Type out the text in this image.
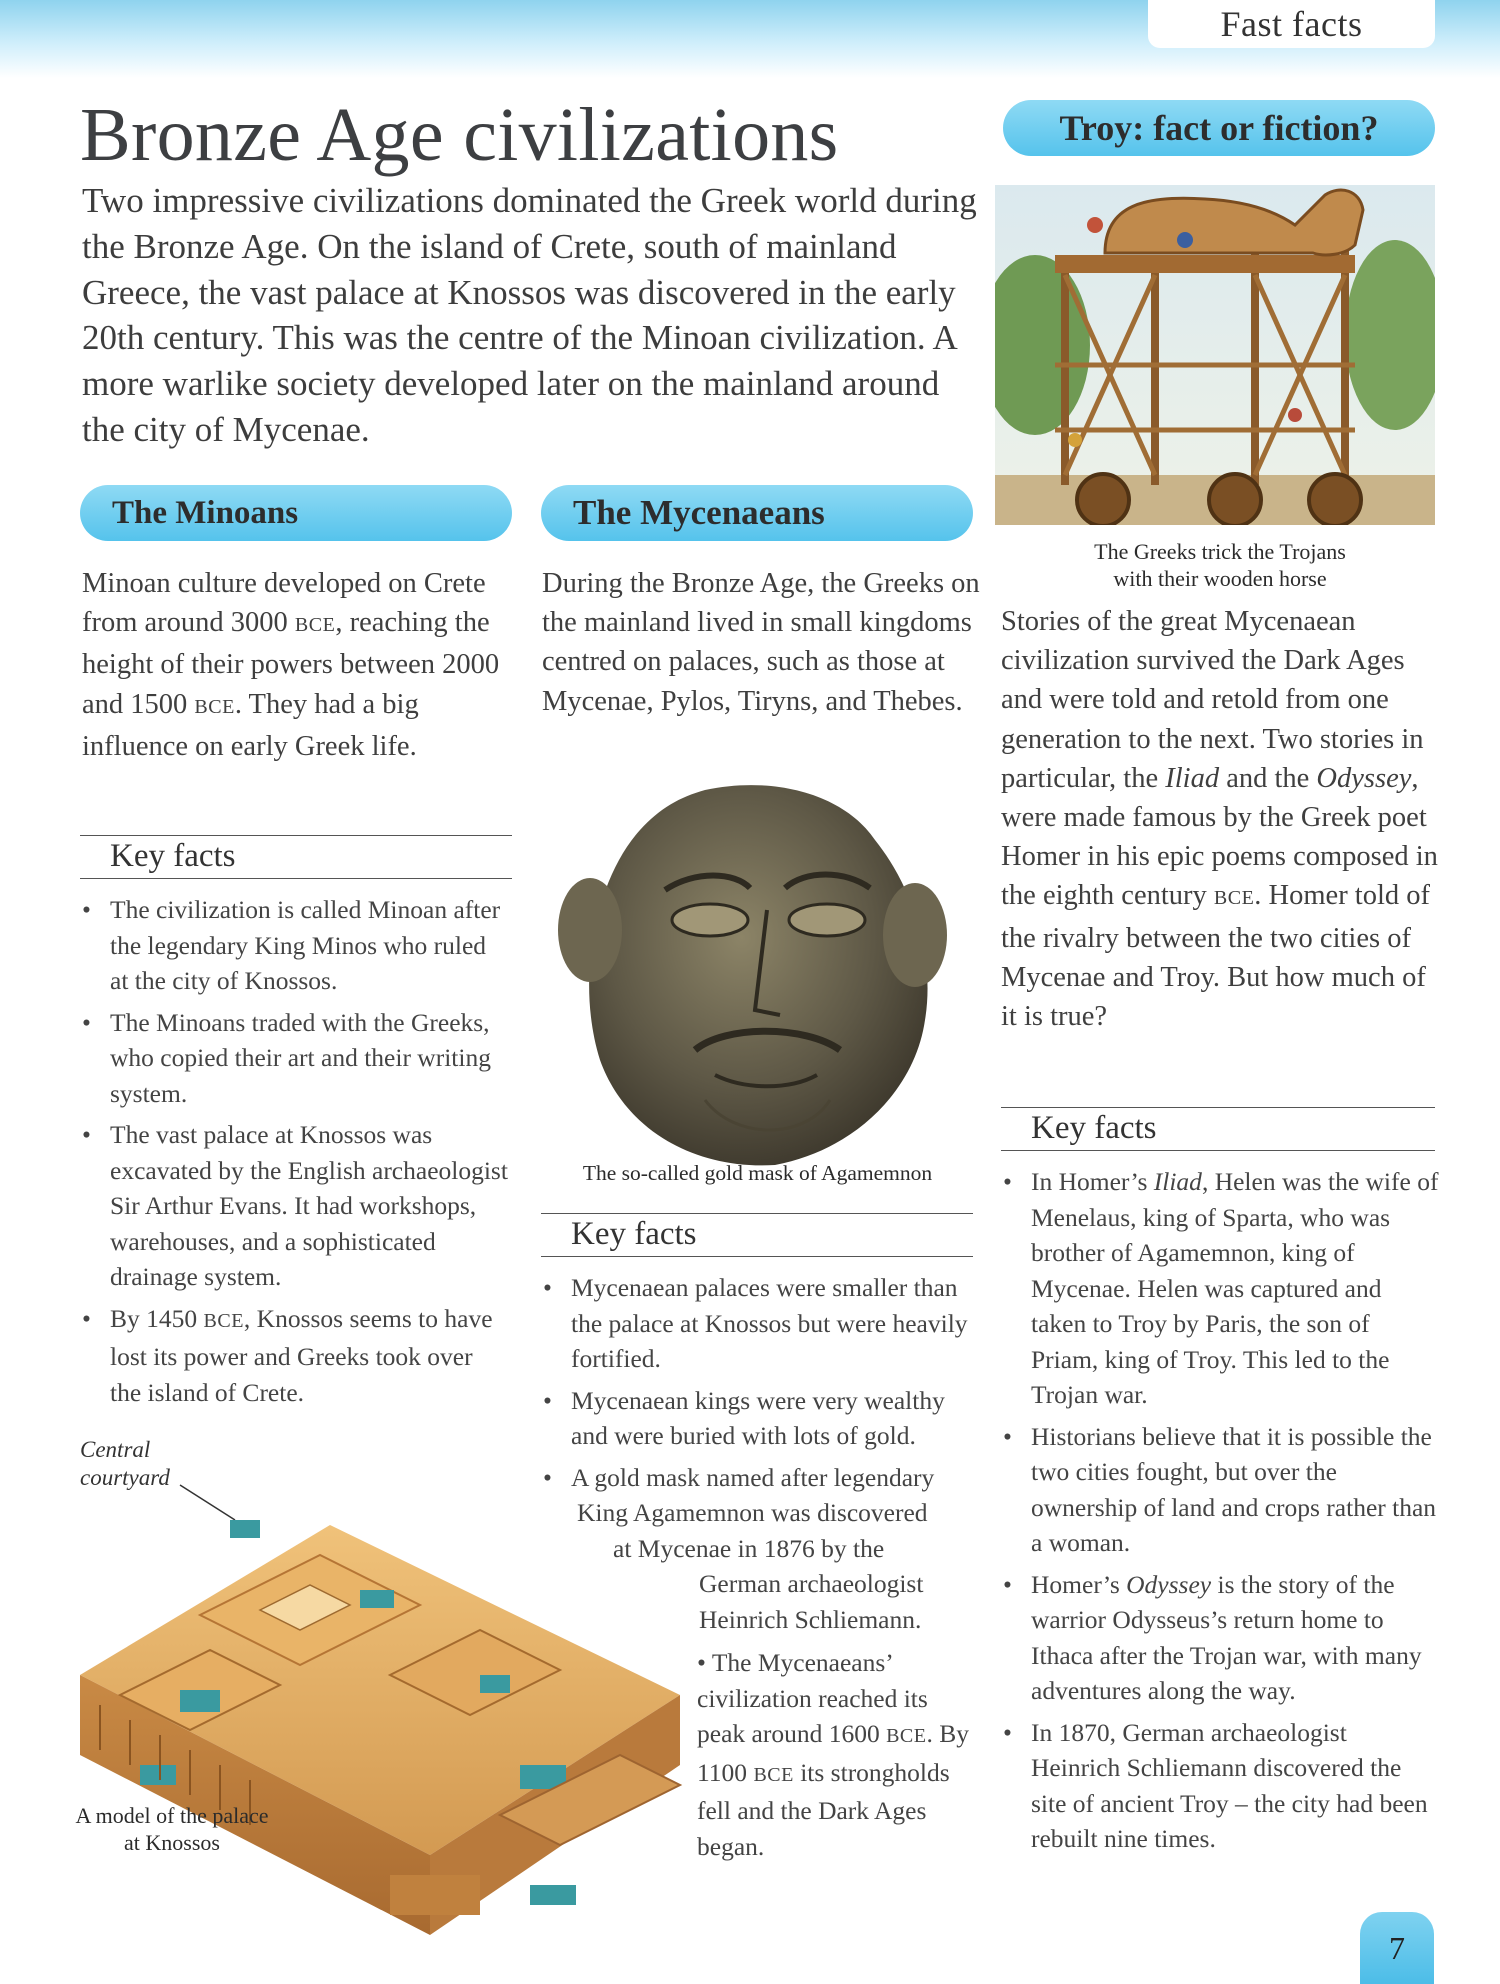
Fast facts
Bronze Age civilizations

Two impressive civilizations dominated the Greek world during the Bronze Age. On the island of Crete, south of mainland Greece, the vast palace at Knossos was discovered in the early 20th century. This was the centre of the Minoan civilization. A more warlike society developed later on the mainland around the city of Mycenae.

The Minoans

Minoan culture developed on Crete from around 3000 BCE, reaching the height of their powers between 2000 and 1500 BCE. They had a big influence on early Greek life.

Key facts
• The civilization is called Minoan after the legendary King Minos who ruled at the city of Knossos.
• The Minoans traded with the Greeks, who copied their art and their writing system.
• The vast palace at Knossos was excavated by the English archaeologist Sir Arthur Evans. It had workshops, warehouses, and a sophisticated drainage system.
• By 1450 BCE, Knossos seems to have lost its power and Greeks took over the island of Crete.

Central courtyard

A model of the palace at Knossos

The Mycenaeans

During the Bronze Age, the Greeks on the mainland lived in small kingdoms centred on palaces, such as those at Mycenae, Pylos, Tiryns, and Thebes.

The so-called gold mask of Agamemnon

Key facts
• Mycenaean palaces were smaller than the palace at Knossos but were heavily fortified.
• Mycenaean kings were very wealthy and were buried with lots of gold.
• A gold mask named after legendary
King Agamemnon was discovered
at Mycenae in 1876 by the
German archaeologist
Heinrich Schliemann.

• The Mycenaeans’ civilization reached its peak around 1600 BCE. By 1100 BCE its strongholds fell and the Dark Ages began.

Troy: fact or fiction?

The Greeks trick the Trojans
with their wooden horse

Stories of the great Mycenaean civilization survived the Dark Ages and were told and retold from one generation to the next. Two stories in particular, the Iliad and the Odyssey, were made famous by the Greek poet Homer in his epic poems composed in the eighth century BCE. Homer told of the rivalry between the two cities of Mycenae and Troy. But how much of it is true?

Key facts
• In Homer’s Iliad, Helen was the wife of Menelaus, king of Sparta, who was brother of Agamemnon, king of Mycenae. Helen was captured and taken to Troy by Paris, the son of Priam, king of Troy. This led to the Trojan war.
• Historians believe that it is possible the two cities fought, but over the ownership of land and crops rather than a woman.
• Homer’s Odyssey is the story of the warrior Odysseus’s return home to Ithaca after the Trojan war, with many adventures along the way.
• In 1870, German archaeologist Heinrich Schliemann discovered the site of ancient Troy – the city had been rebuilt nine times.
7
